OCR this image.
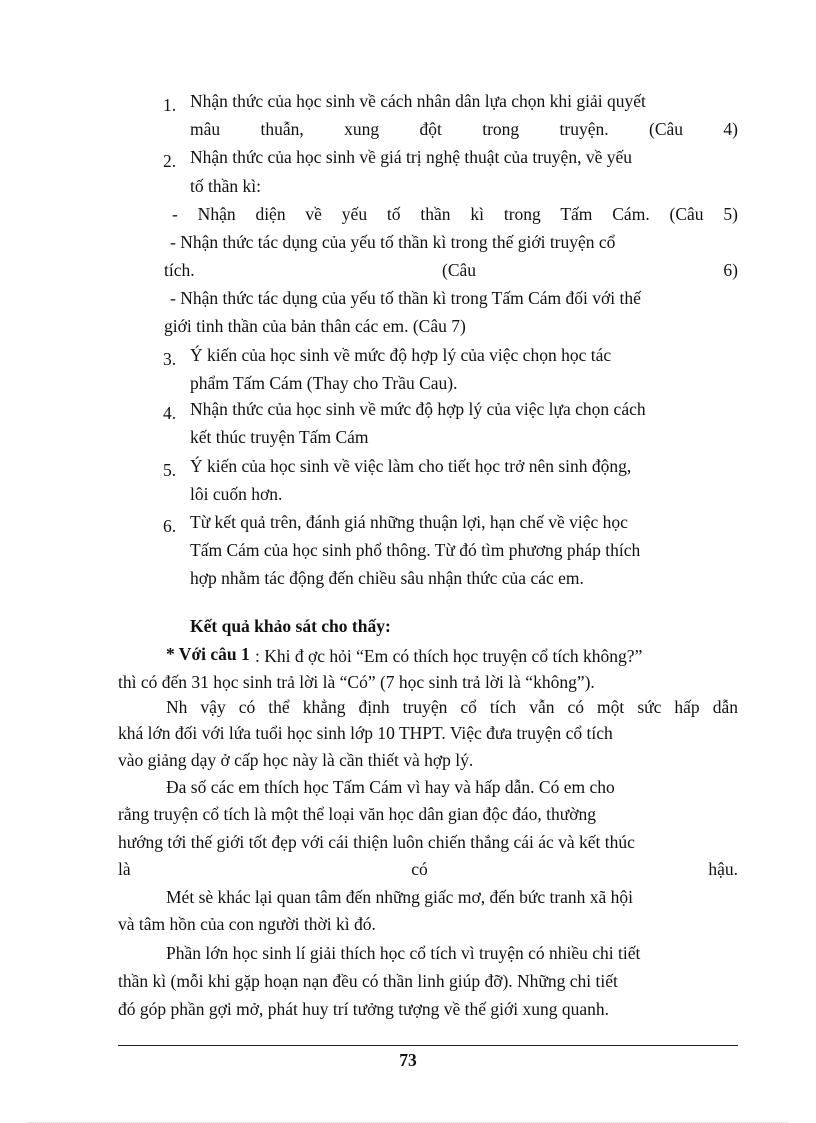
1. Nhận thức của học sinh về cách nhân dân lựa chọn khi giải quyết
mâu thuẫn, xung đột trong truyện. (Câu 4)
2. Nhận thức của học sinh về giá trị nghệ thuật của truyện, về yếu
tố thần kì:
- Nhận diện về yếu tố thần kì trong Tấm Cám. (Câu 5)
- Nhận thức tác dụng của yếu tố thần kì trong thế giới truyện cổ
tích. (Câu 6)
- Nhận thức tác dụng của yếu tố thần kì trong Tấm Cám đối với thế
giới tinh thần của bản thân các em. (Câu 7)
3. Ý kiến của học sinh về mức độ hợp lý của việc chọn học tác
phẩm Tấm Cám (Thay cho Trầu Cau).
4. Nhận thức của học sinh về mức độ hợp lý của việc lựa chọn cách
kết thúc truyện Tấm Cám
5. Ý kiến của học sinh về việc làm cho tiết học trở nên sinh động,
lôi cuốn hơn.
6. Từ kết quả trên, đánh giá những thuận lợi, hạn chế về việc học
Tấm Cám của học sinh phổ thông. Từ đó tìm phương pháp thích
hợp nhằm tác động đến chiều sâu nhận thức của các em.
Kết quả khảo sát cho thấy:
* Với câu 1 : Khi đ ợc hỏi “Em có thích học truyện cổ tích không?”
thì có đến 31 học sinh trả lời là “Có” (7 học sinh trả lời là “không”).
Nh vậy có thể khẳng định truyện cổ tích vẫn có một sức hấp dẫn
khá lớn đối với lứa tuổi học sinh lớp 10 THPT. Việc đưa truyện cổ tích
vào giảng dạy ở cấp học này là cần thiết và hợp lý.
Đa số các em thích học Tấm Cám vì hay và hấp dẫn. Có em cho
rằng truyện cổ tích là một thể loại văn học dân gian độc đáo, thường
hướng tới thế giới tốt đẹp với cái thiện luôn chiến thắng cái ác và kết thúc
là có hậu.
Mét sè khác lại quan tâm đến những giấc mơ, đến bức tranh xã hội
và tâm hồn của con người thời kì đó.
Phần lớn học sinh lí giải thích học cổ tích vì truyện có nhiều chi tiết
thần kì (mỗi khi gặp hoạn nạn đều có thần linh giúp đỡ). Những chi tiết
đó góp phần gợi mở, phát huy trí tưởng tượng về thế giới xung quanh.
73
